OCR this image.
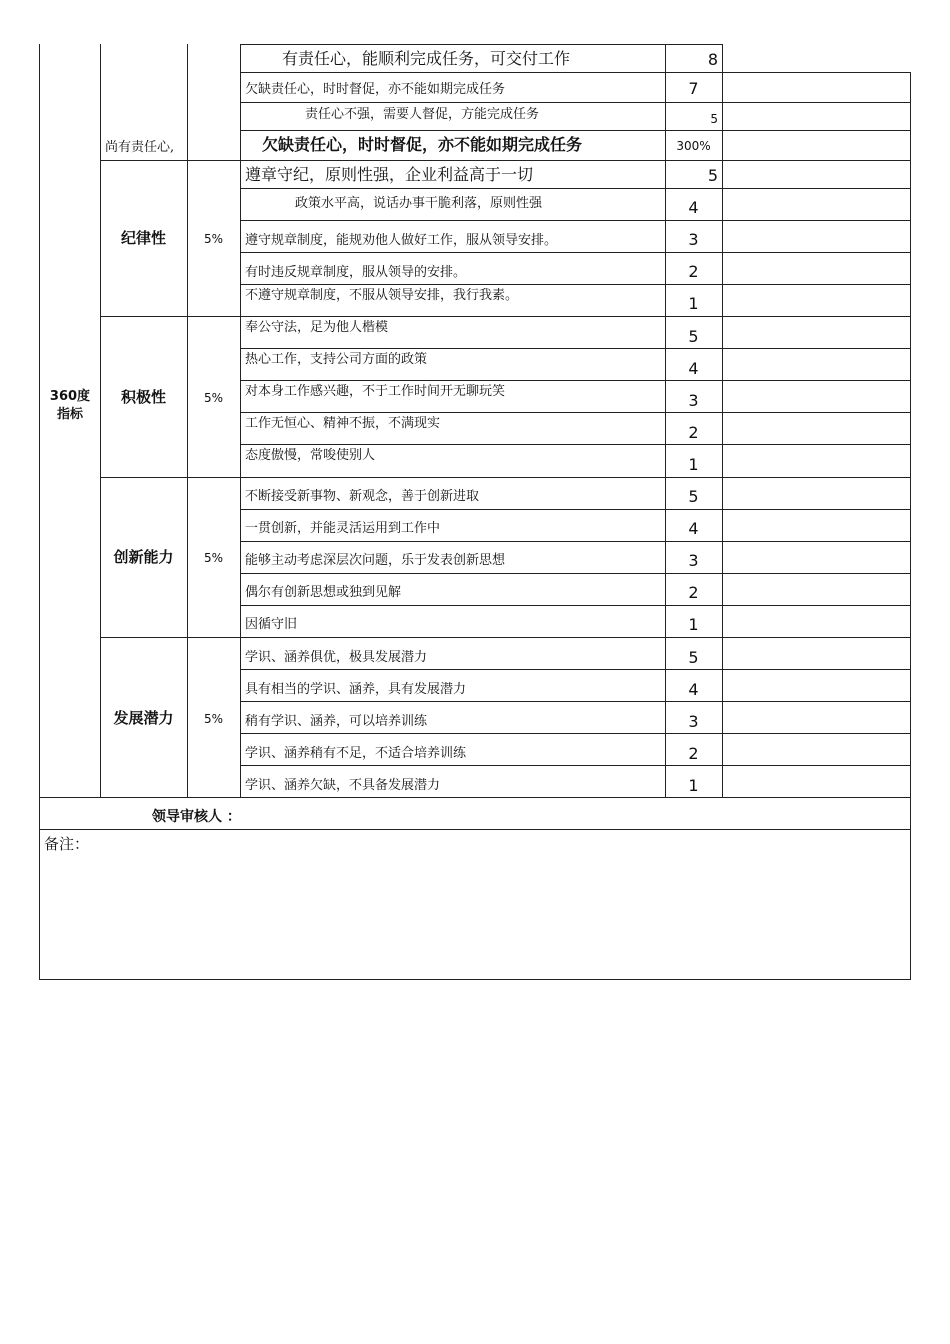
360度
指标
尚有责任心,
有责任心，能顺利完成任务，可交付工作	8
欠缺责任心，时时督促，亦不能如期完成任务	7
责任心不强，需要人督促，方能完成任务	5
欠缺责任心，时时督促，亦不能如期完成任务	300%
纪律性	5%
遵章守纪，原则性强，企业利益高于一切	5
政策水平高，说话办事干脆利落，原则性强	4
遵守规章制度，能规劝他人做好工作，服从领导安排。	3
有时违反规章制度，服从领导的安排。	2
不遵守规章制度，不服从领导安排，我行我素。	1
积极性	5%
奉公守法，足为他人楷模	5
热心工作，支持公司方面的政策	4
对本身工作感兴趣，不于工作时间开无聊玩笑	3
工作无恒心、精神不振，不满现实	2
态度傲慢，常唆使别人	1
创新能力	5%
不断接受新事物、新观念，善于创新进取	5
一贯创新，并能灵活运用到工作中	4
能够主动考虑深层次问题，乐于发表创新思想	3
偶尔有创新思想或独到见解	2
因循守旧	1
发展潜力	5%
学识、涵养俱优，极具发展潜力	5
具有相当的学识、涵养，具有发展潜力	4
稍有学识、涵养，可以培养训练	3
学识、涵养稍有不足，不适合培养训练	2
学识、涵养欠缺，不具备发展潜力	1
领导审核人 ：
备注：
